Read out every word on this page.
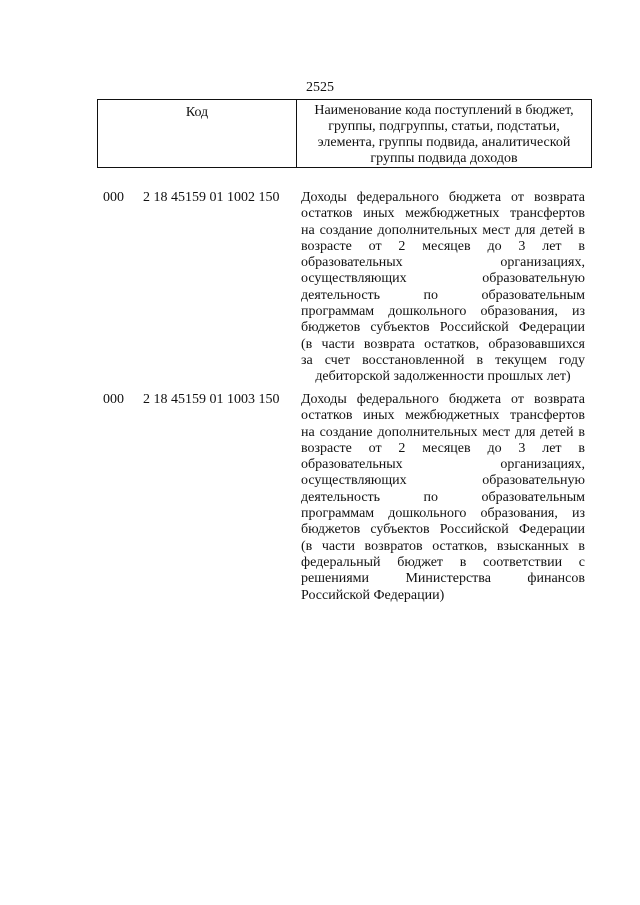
2525
Код	Наименование кода поступлений в бюджет,
группы, подгруппы, статьи, подстатьи,
элемента, группы подвида, аналитической
группы подвида доходов
000 2 18 45159 01 1002 150 Доходы федерального бюджета от возврата
остатков иных межбюджетных трансфертов
на создание дополнительных мест для детей в
возрасте от 2 месяцев до 3 лет в
образовательных организациях,
осуществляющих образовательную
деятельность по образовательным
программам дошкольного образования, из
бюджетов субъектов Российской Федерации
(в части возврата остатков, образовавшихся
за счет восстановленной в текущем году
дебиторской задолженности прошлых лет)
000 2 18 45159 01 1003 150 Доходы федерального бюджета от возврата
остатков иных межбюджетных трансфертов
на создание дополнительных мест для детей в
возрасте от 2 месяцев до 3 лет в
образовательных организациях,
осуществляющих образовательную
деятельность по образовательным
программам дошкольного образования, из
бюджетов субъектов Российской Федерации
(в части возвратов остатков, взысканных в
федеральный бюджет в соответствии с
решениями Министерства финансов
Российской Федерации)
